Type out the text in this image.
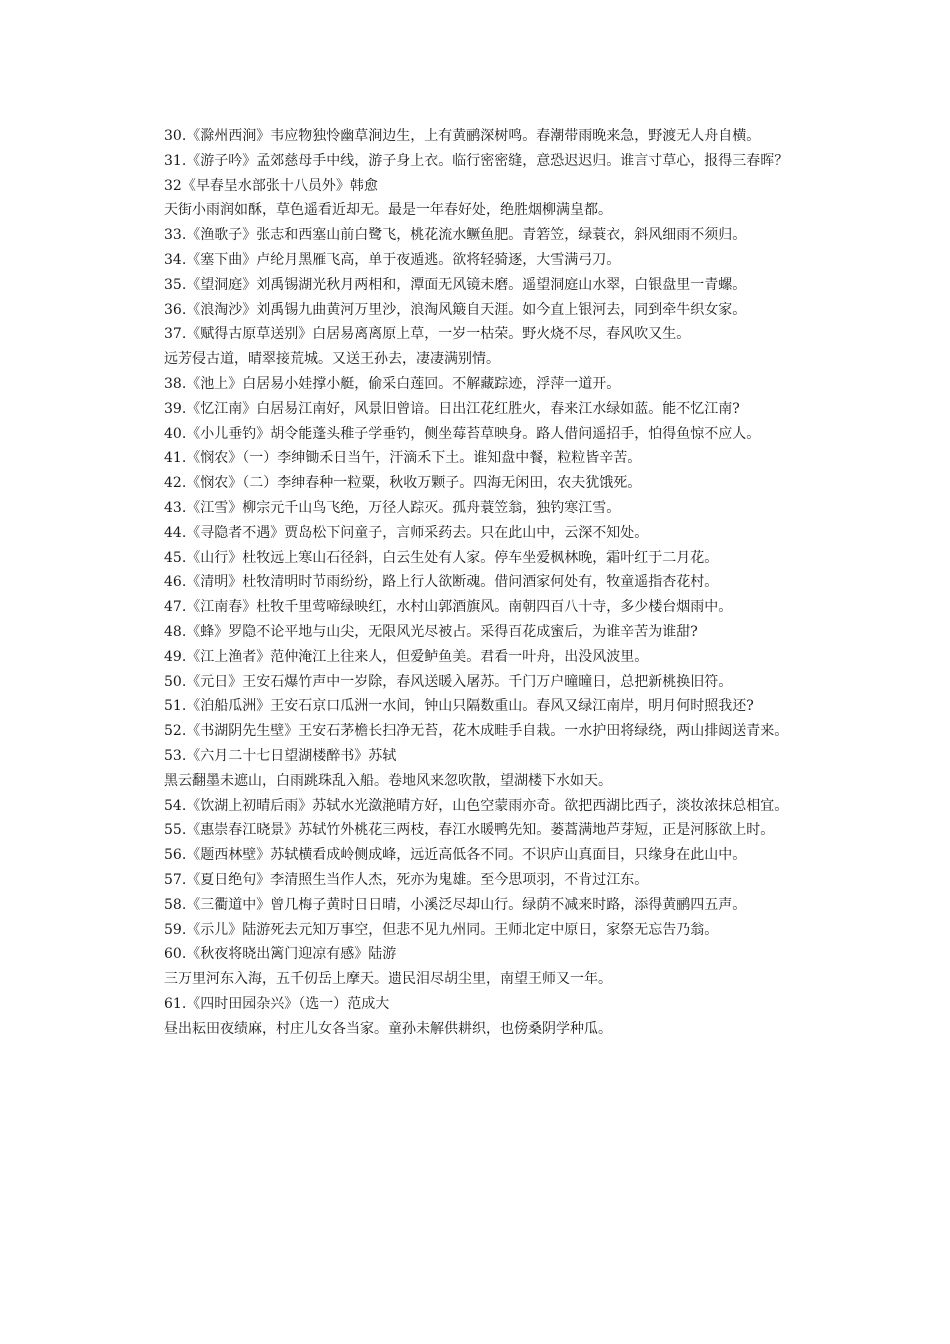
30.《滁州西涧》韦应物独怜幽草涧边生，上有黄鹂深树鸣。春潮带雨晚来急，野渡无人舟自横。

31.《游子吟》孟郊慈母手中线，游子身上衣。临行密密缝，意恐迟迟归。谁言寸草心，报得三春晖？

32《早春呈水部张十八员外》韩愈

天街小雨润如酥，草色遥看近却无。最是一年春好处，绝胜烟柳满皇都。

33.《渔歌子》张志和西塞山前白鹭飞，桃花流水鳜鱼肥。青箬笠，绿蓑衣，斜风细雨不须归。

34.《塞下曲》卢纶月黑雁飞高，单于夜遁逃。欲将轻骑逐，大雪满弓刀。

35.《望洞庭》刘禹锡湖光秋月两相和，潭面无风镜未磨。遥望洞庭山水翠，白银盘里一青螺。

36.《浪淘沙》刘禹锡九曲黄河万里沙，浪淘风簸自天涯。如今直上银河去，同到牵牛织女家。

37.《赋得古原草送别》白居易离离原上草，一岁一枯荣。野火烧不尽，春风吹又生。

远芳侵古道，晴翠接荒城。又送王孙去，凄凄满别情。

38.《池上》白居易小娃撑小艇，偷采白莲回。不解藏踪迹，浮萍一道开。

39.《忆江南》白居易江南好，风景旧曾谙。日出江花红胜火，春来江水绿如蓝。能不忆江南?

40.《小儿垂钓》胡令能蓬头稚子学垂钓，侧坐莓苔草映身。路人借问遥招手，怕得鱼惊不应人。

41.《悯农》（一）李绅锄禾日当午，汗滴禾下土。谁知盘中餐，粒粒皆辛苦。

42.《悯农》（二）李绅春种一粒粟，秋收万颗子。四海无闲田，农夫犹饿死。

43.《江雪》柳宗元千山鸟飞绝，万径人踪灭。孤舟蓑笠翁，独钓寒江雪。

44.《寻隐者不遇》贾岛松下问童子，言师采药去。只在此山中，云深不知处。

45.《山行》杜牧远上寒山石径斜，白云生处有人家。停车坐爱枫林晚，霜叶红于二月花。

46.《清明》杜牧清明时节雨纷纷，路上行人欲断魂。借问酒家何处有，牧童遥指杏花村。

47.《江南春》杜牧千里莺啼绿映红，水村山郭酒旗风。南朝四百八十寺，多少楼台烟雨中。

48.《蜂》罗隐不论平地与山尖，无限风光尽被占。采得百花成蜜后，为谁辛苦为谁甜?

49.《江上渔者》范仲淹江上往来人，但爱鲈鱼美。君看一叶舟，出没风波里。

50.《元日》王安石爆竹声中一岁除，春风送暖入屠苏。千门万户曈曈日，总把新桃换旧符。

51.《泊船瓜洲》王安石京口瓜洲一水间，钟山只隔数重山。春风又绿江南岸，明月何时照我还?

52.《书湖阴先生壁》王安石茅檐长扫净无苔，花木成畦手自栽。一水护田将绿绕，两山排闼送青来。

53.《六月二十七日望湖楼醉书》苏轼

黑云翻墨未遮山，白雨跳珠乱入船。卷地风来忽吹散，望湖楼下水如天。

54.《饮湖上初晴后雨》苏轼水光潋滟晴方好，山色空蒙雨亦奇。欲把西湖比西子，淡妆浓抹总相宜。

55.《惠崇春江晓景》苏轼竹外桃花三两枝，春江水暖鸭先知。蒌蒿满地芦芽短，正是河豚欲上时。

56.《题西林壁》苏轼横看成岭侧成峰，远近高低各不同。不识庐山真面目，只缘身在此山中。

57.《夏日绝句》李清照生当作人杰，死亦为鬼雄。至今思项羽，不肯过江东。

58.《三衢道中》曾几梅子黄时日日晴，小溪泛尽却山行。绿荫不减来时路，添得黄鹂四五声。

59.《示儿》陆游死去元知万事空，但悲不见九州同。王师北定中原日，家祭无忘告乃翁。

60.《秋夜将晓出篱门迎凉有感》陆游

三万里河东入海，五千仞岳上摩天。遗民泪尽胡尘里，南望王师又一年。

61.《四时田园杂兴》（选一）范成大

昼出耘田夜绩麻，村庄儿女各当家。童孙未解供耕织，也傍桑阴学种瓜。
